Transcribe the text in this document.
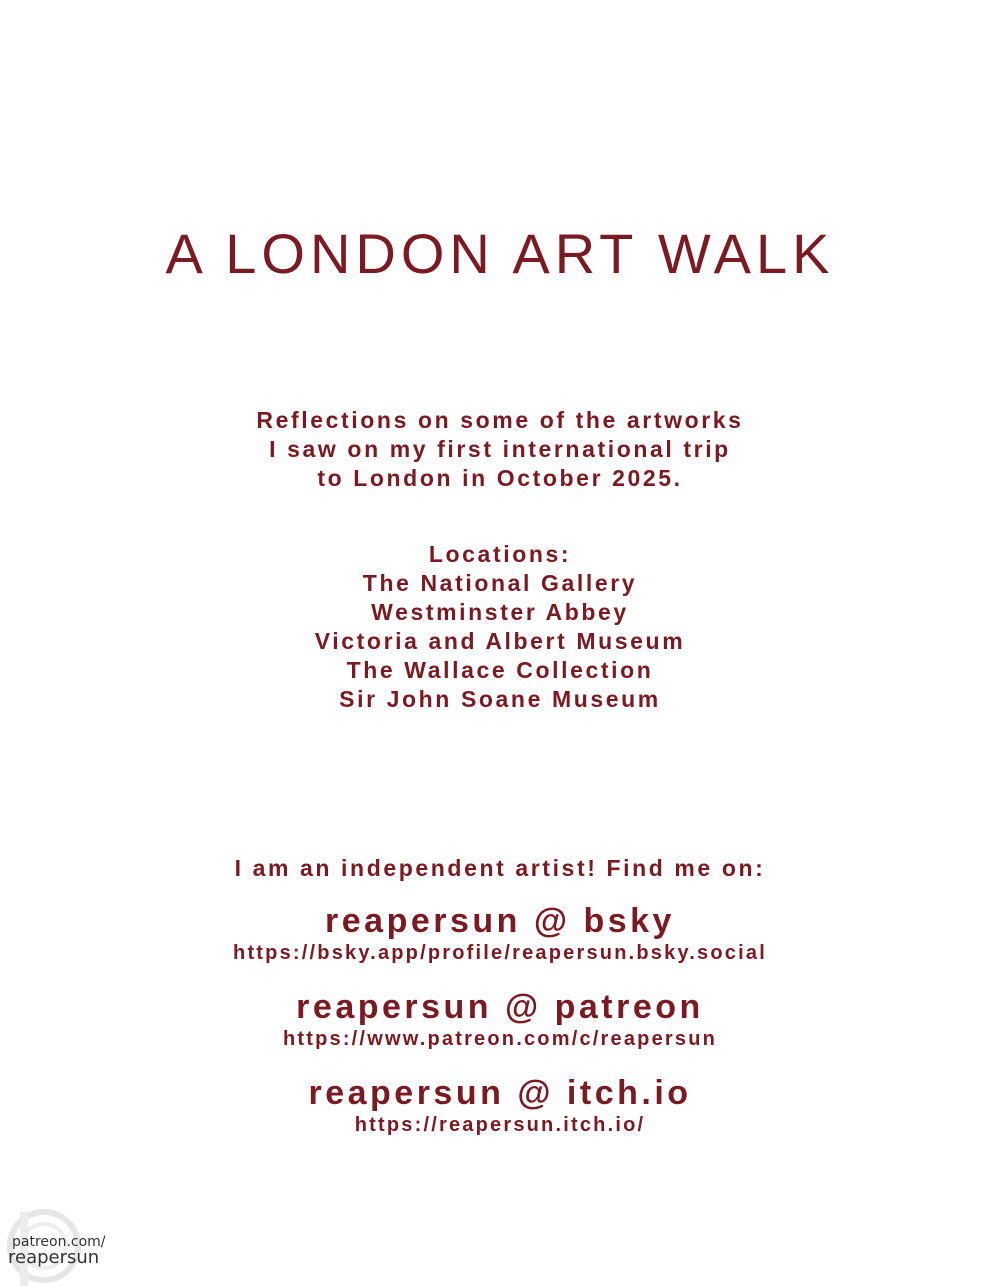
A LONDON ART WALK
Reflections on some of the artworks
I saw on my first international trip
to London in October 2025.
Locations:
The National Gallery
Westminster Abbey
Victoria and Albert Museum
The Wallace Collection
Sir John Soane Museum
I am an independent artist! Find me on:
reapersun @ bsky
https://bsky.app/profile/reapersun.bsky.social
reapersun @ patreon
https://www.patreon.com/c/reapersun
reapersun @ itch.io
https://reapersun.itch.io/
patreon.com/
reapersun
